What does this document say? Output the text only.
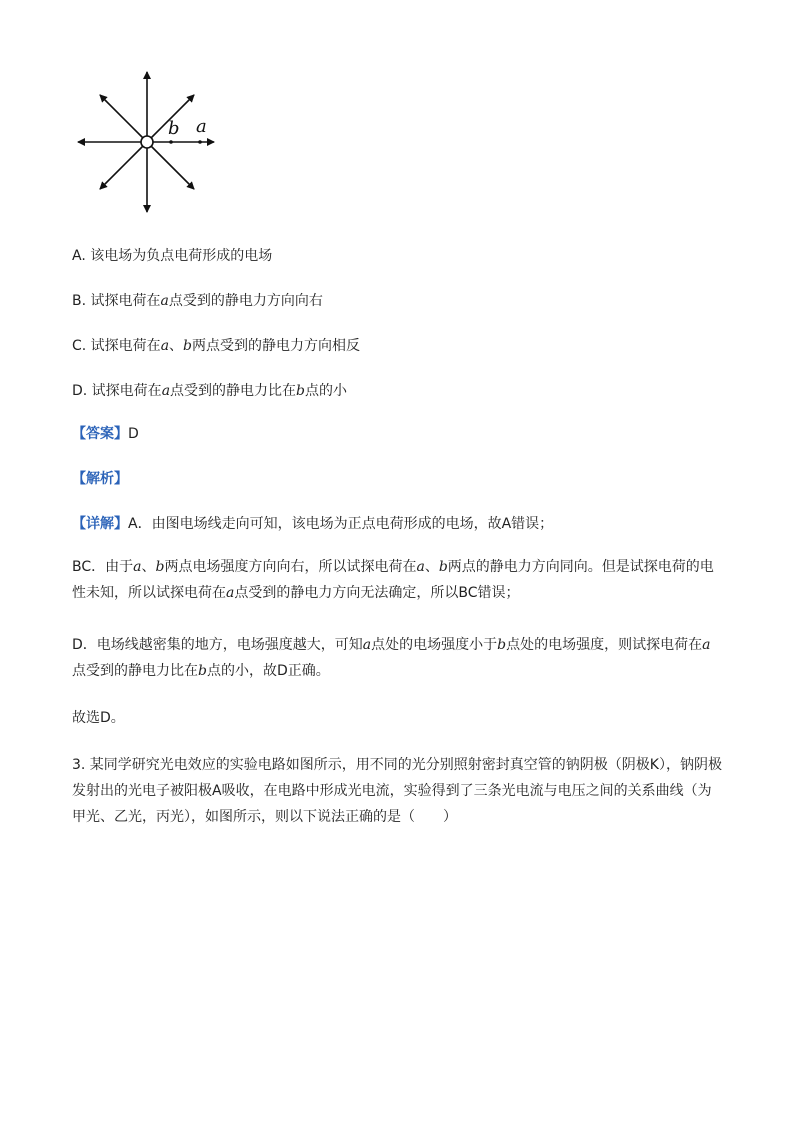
b a
A. 该电场为负点电荷形成的电场
B. 试探电荷在a点受到的静电力方向向右
C. 试探电荷在a、b两点受到的静电力方向相反
D. 试探电荷在a点受到的静电力比在b点的小
【答案】D
【解析】
【详解】A．由图电场线走向可知，该电场为正点电荷形成的电场，故A错误；
BC．由于a、b两点电场强度方向向右，所以试探电荷在a、b两点的静电力方向同向。但是试探电荷的电性未知，所以试探电荷在a点受到的静电力方向无法确定，所以BC错误；
D．电场线越密集的地方，电场强度越大，可知a点处的电场强度小于b点处的电场强度，则试探电荷在a点受到的静电力比在b点的小，故D正确。
故选D。
3. 某同学研究光电效应的实验电路如图所示，用不同的光分别照射密封真空管的钠阴极（阴极K），钠阴极发射出的光电子被阳极A吸收，在电路中形成光电流，实验得到了三条光电流与电压之间的关系曲线（为甲光、乙光，丙光），如图所示，则以下说法正确的是（　　）
